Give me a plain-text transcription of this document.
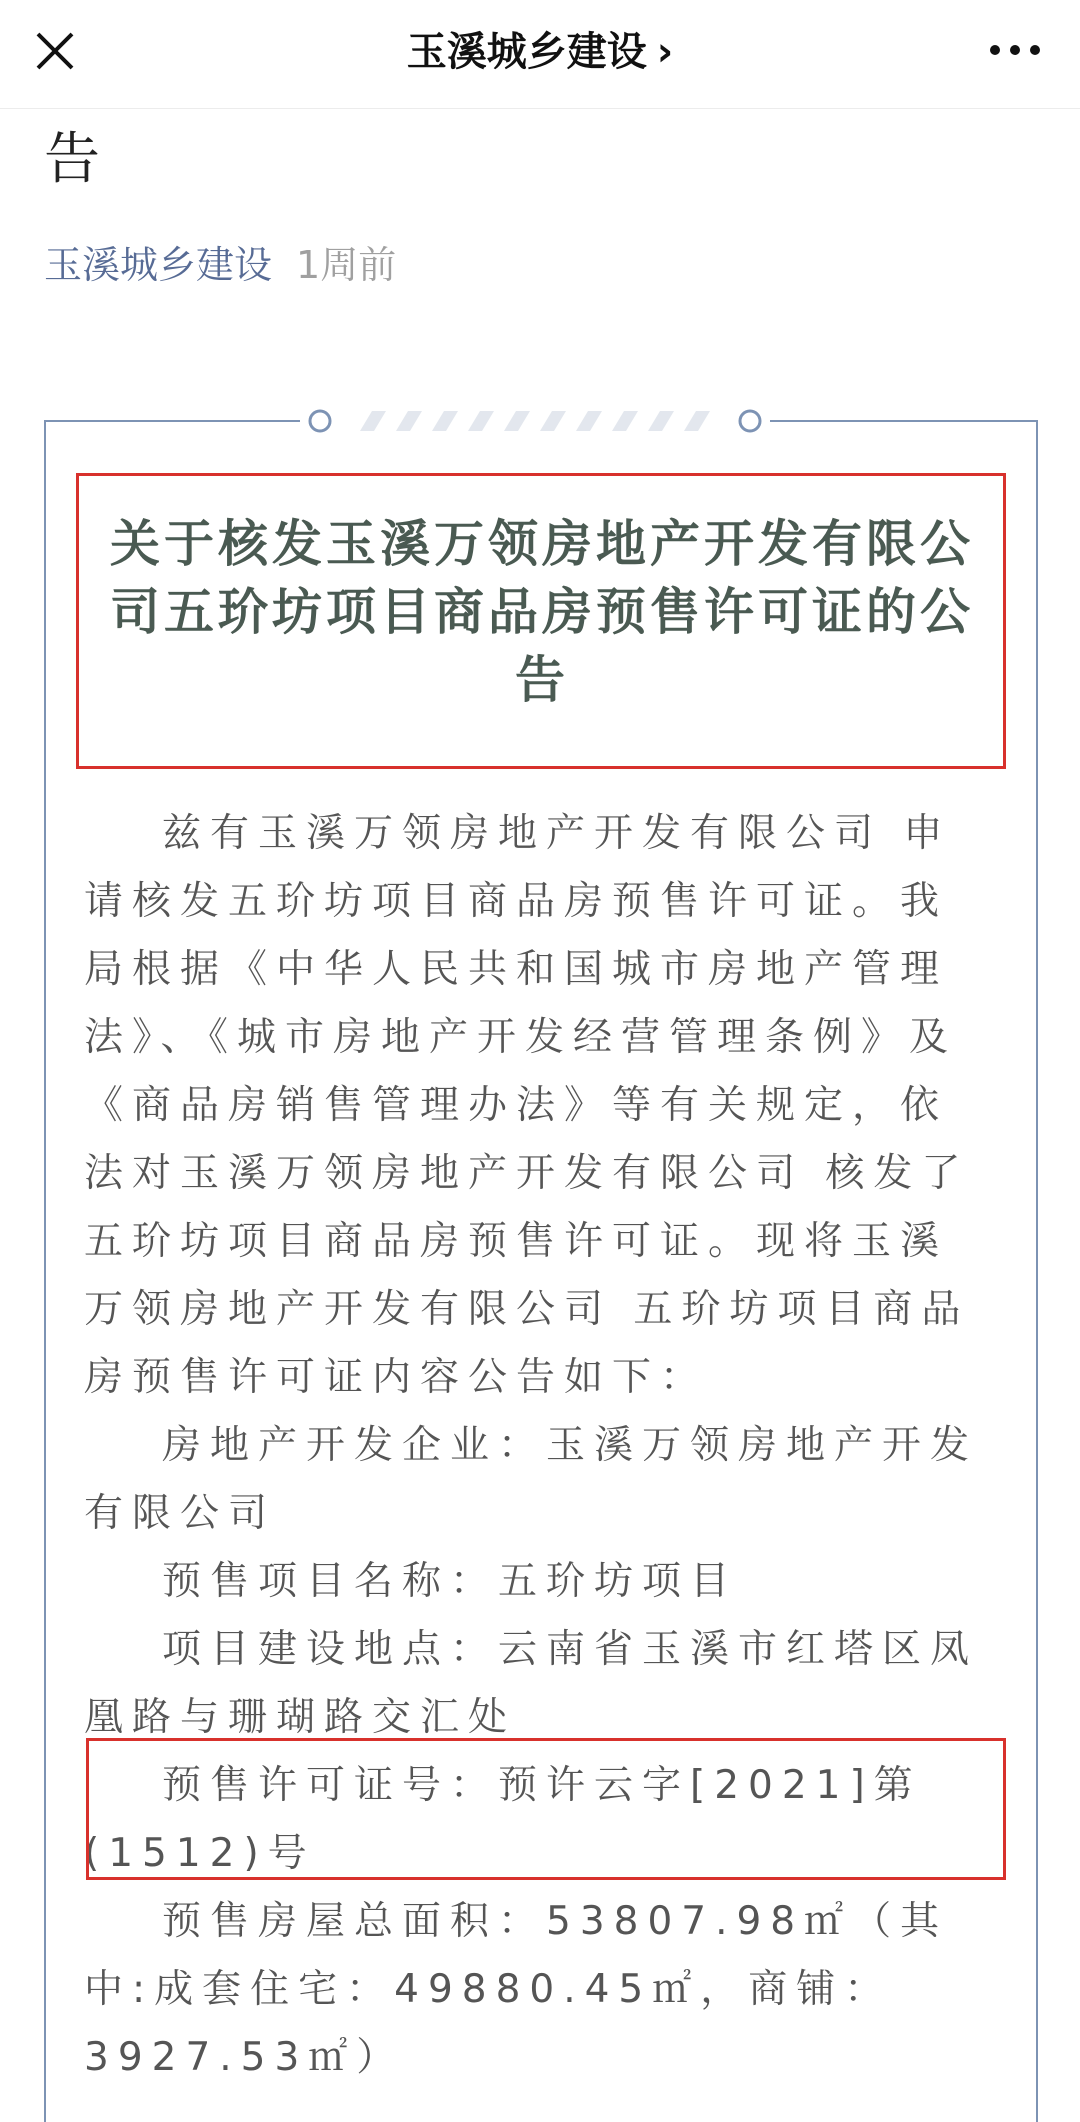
玉溪城乡建设 ›
告
玉溪城乡建设 1周前
关于核发玉溪万领房地产开发有限公司五玠坊项目商品房预售许可证的公告

兹有玉溪万领房地产开发有限公司 申请核发五玠坊项目商品房预售许可证。我局根据《中华人民共和国城市房地产管理法》、《城市房地产开发经营管理条例》及《商品房销售管理办法》等有关规定，依法对玉溪万领房地产开发有限公司 核发了五玠坊项目商品房预售许可证。现将玉溪万领房地产开发有限公司 五玠坊项目商品房预售许可证内容公告如下：

房地产开发企业：玉溪万领房地产开发有限公司

预售项目名称：五玠坊项目

项目建设地点：云南省玉溪市红塔区凤凰路与珊瑚路交汇处

预售许可证号：预许云字[2021]第(1512)号

预售房屋总面积：53807.98㎡（其中:成套住宅：49880.45㎡，商铺：3927.53㎡）
